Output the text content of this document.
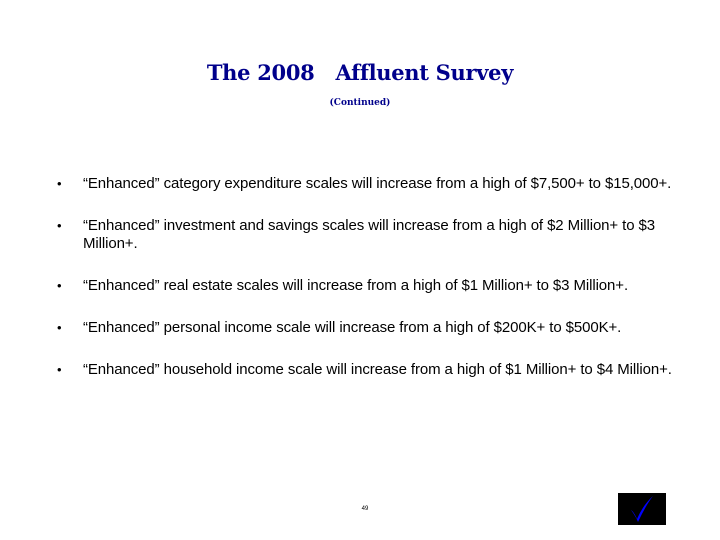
The 2008   Affluent Survey
(Continued)
• “Enhanced” category expenditure scales will increase from a high of $7,500+ to $15,000+.
• “Enhanced” investment and savings scales will increase from a high of $2 Million+ to $3 Million+.
• “Enhanced” real estate scales will increase from a high of $1 Million+ to $3 Million+.
• “Enhanced” personal income scale will increase from a high of $200K+ to $500K+.
• “Enhanced” household income scale will increase from a high of $1 Million+ to $4 Million+.
49
